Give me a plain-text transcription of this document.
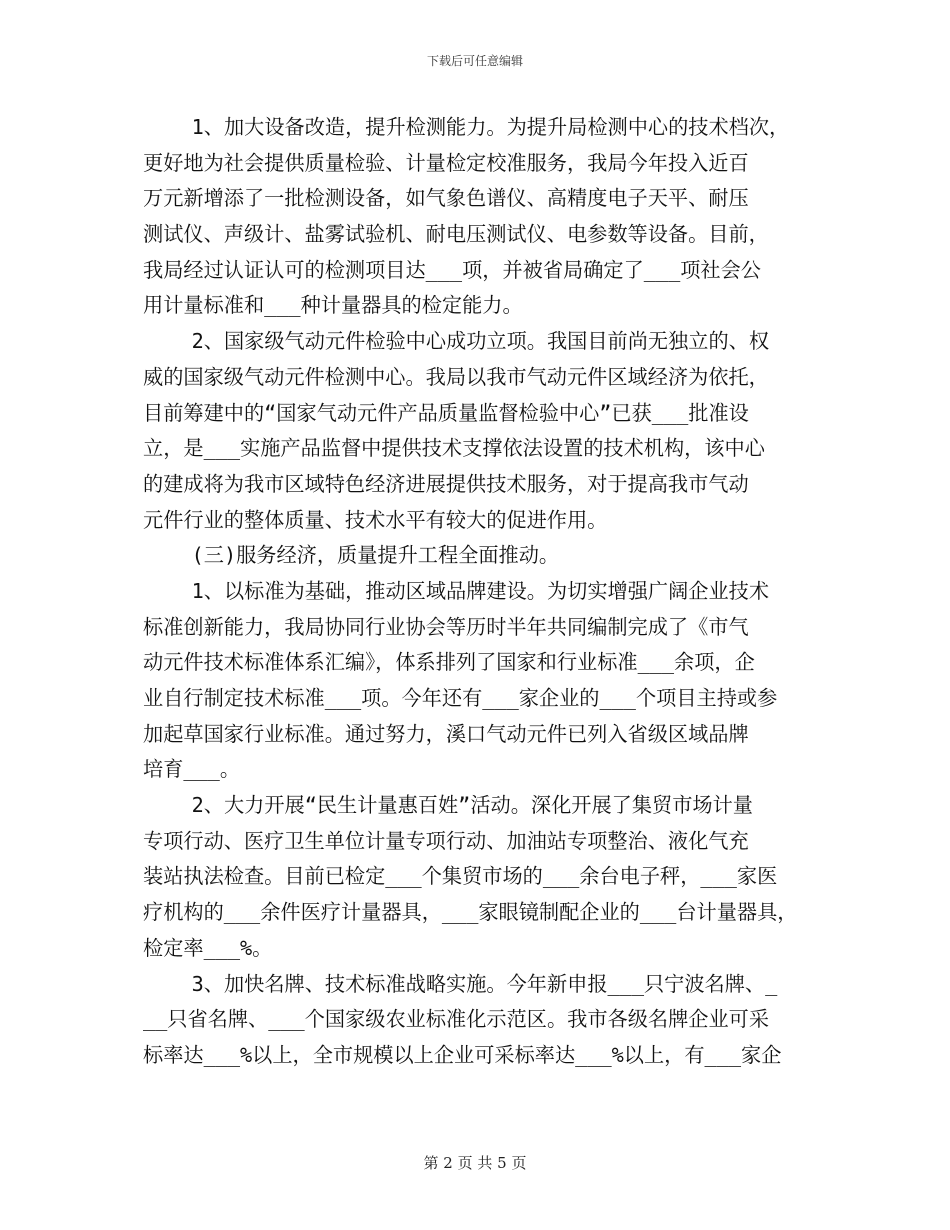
下载后可任意编辑
1、加大设备改造，提升检测能力。为提升局检测中心的技术档次，
更好地为社会提供质量检验、计量检定校准服务，我局今年投入近百
万元新增添了一批检测设备，如气象色谱仪、高精度电子天平、耐压
测试仪、声级计、盐雾试验机、耐电压测试仪、电参数等设备。目前，
我局经过认证认可的检测项目达___项，并被省局确定了___项社会公
用计量标准和___种计量器具的检定能力。
2、国家级气动元件检验中心成功立项。我国目前尚无独立的、权
威的国家级气动元件检测中心。我局以我市气动元件区域经济为依托，
目前筹建中的“国家气动元件产品质量监督检验中心”已获___批准设
立，是___实施产品监督中提供技术支撑依法设置的技术机构，该中心
的建成将为我市区域特色经济进展提供技术服务，对于提高我市气动
元件行业的整体质量、技术水平有较大的促进作用。
(三)服务经济，质量提升工程全面推动。
1、以标准为基础，推动区域品牌建设。为切实增强广阔企业技术
标准创新能力，我局协同行业协会等历时半年共同编制完成了《市气
动元件技术标准体系汇编》，体系排列了国家和行业标准___余项，企
业自行制定技术标准___项。今年还有___家企业的___个项目主持或参
加起草国家行业标准。通过努力，溪口气动元件已列入省级区域品牌
培育___。
2、大力开展“民生计量惠百姓”活动。深化开展了集贸市场计量
专项行动、医疗卫生单位计量专项行动、加油站专项整治、液化气充
装站执法检查。目前已检定___个集贸市场的___余台电子秤，___家医
疗机构的___余件医疗计量器具，___家眼镜制配企业的___台计量器具，
检定率___%。
3、加快名牌、技术标准战略实施。今年新申报___只宁波名牌、_
__只省名牌、___个国家级农业标准化示范区。我市各级名牌企业可采
标率达___%以上，全市规模以上企业可采标率达___%以上，有___家企
第 2 页 共 5 页
